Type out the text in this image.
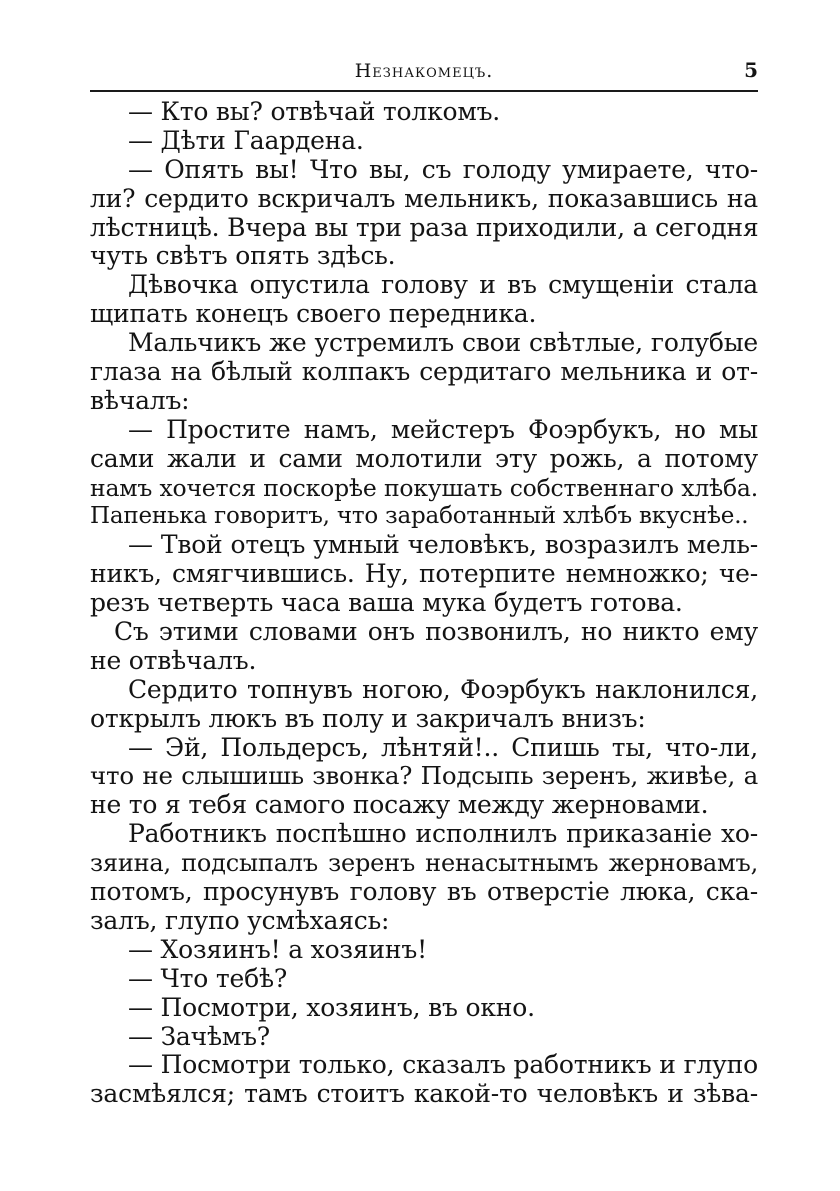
Незнакомецъ.	5
— Кто вы? отвѣчай толкомъ.
— Дѣти Гаардена.
— Опять вы! Что вы, съ голоду умираете, что-
ли? сердито вскричалъ мельникъ, показавшись на
лѣстницѣ. Вчера вы три раза приходили, а сегодня
чуть свѣтъ опять здѣсь.
Дѣвочка опустила голову и въ смущенiи стала
щипать конецъ своего передника.
Мальчикъ же устремилъ свои свѣтлые, голубые
глаза на бѣлый колпакъ сердитаго мельника и от-
вѣчалъ:
— Простите намъ, мейстеръ Фоэрбукъ, но мы
сами жали и сами молотили эту рожь, а потому
намъ хочется поскорѣе покушать собственнаго хлѣба.
Папенька говоритъ, что заработанный хлѣбъ вкуснѣе..
— Твой отецъ умный человѣкъ, возразилъ мель-
никъ, смягчившись. Ну, потерпите немножко; че-
резъ четверть часа ваша мука будетъ готова.
Съ этими словами онъ позвонилъ, но никто ему
не отвѣчалъ.
Сердито топнувъ ногою, Фоэрбукъ наклонился,
открылъ люкъ въ полу и закричалъ внизъ:
— Эй, Польдерсъ, лѣнтяй!.. Спишь ты, что-ли,
что не слышишь звонка? Подсыпь зеренъ, живѣе, а
не то я тебя самого посажу между жерновами.
Работникъ поспѣшно исполнилъ приказанiе хо-
зяина, подсыпалъ зеренъ ненасытнымъ жерновамъ,
потомъ, просунувъ голову въ отверстiе люка, ска-
залъ, глупо усмѣхаясь:
— Хозяинъ! а хозяинъ!
— Что тебѣ?
— Посмотри, хозяинъ, въ окно.
— Зачѣмъ?
— Посмотри только, сказалъ работникъ и глупо
засмѣялся; тамъ стоитъ какой-то человѣкъ и зѣва-
